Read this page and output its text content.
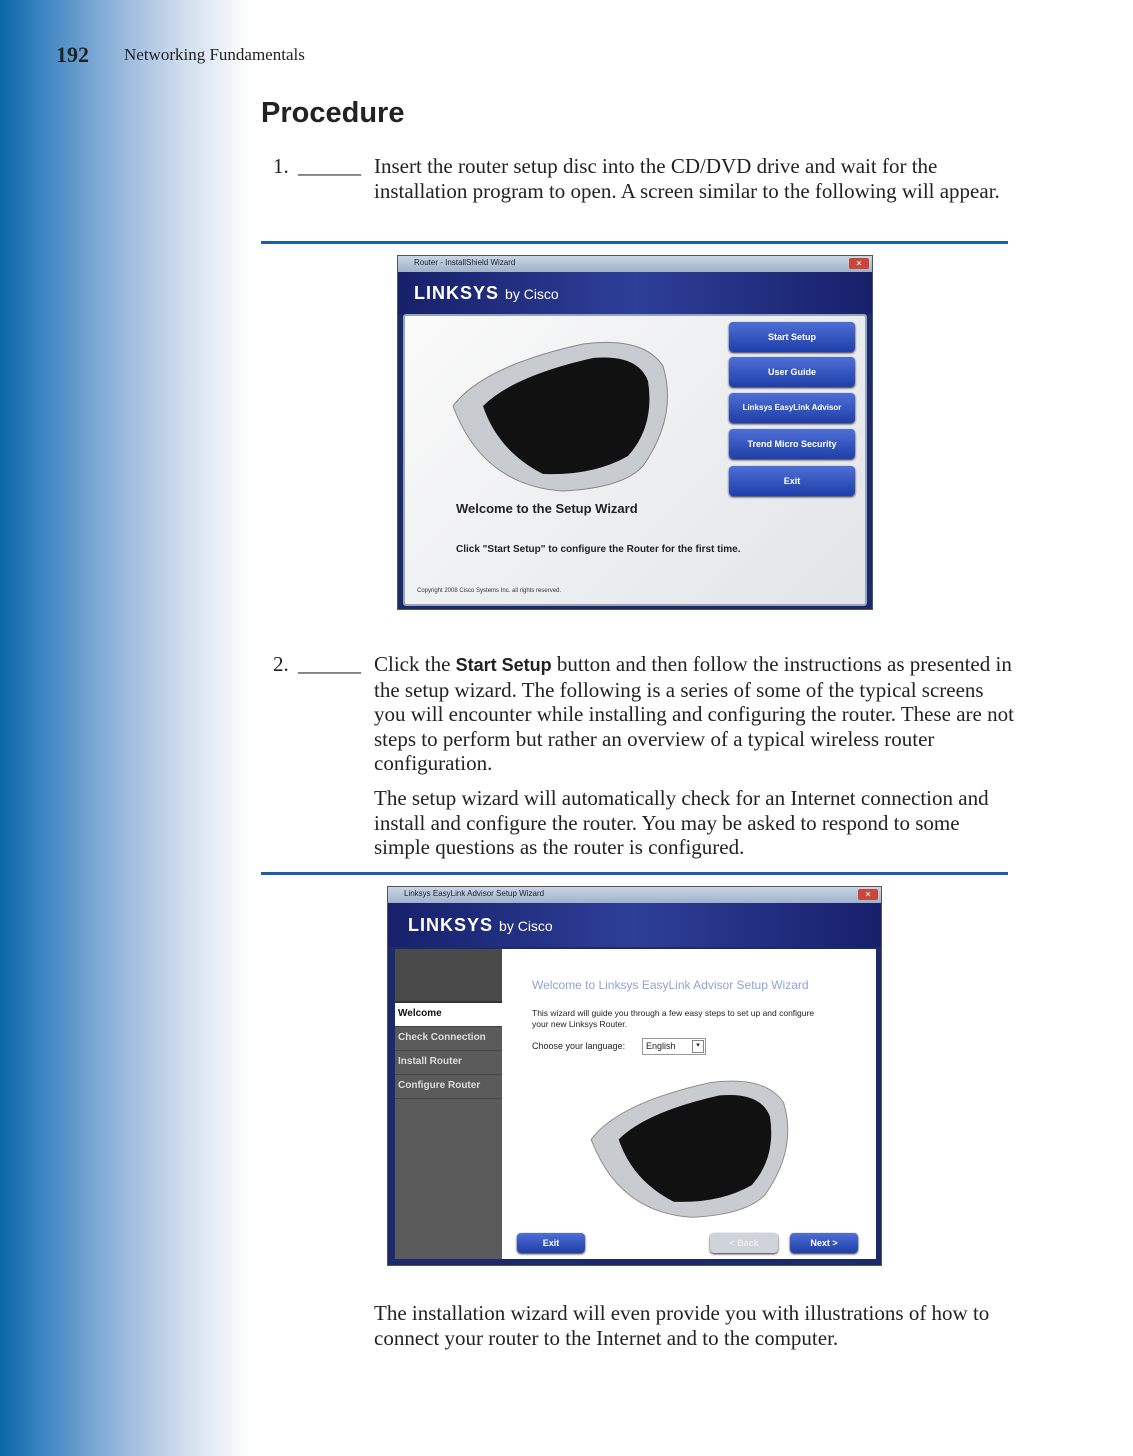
192 Networking Fundamentals
Procedure
1. ______ Insert the router setup disc into the CD/DVD drive and wait for the installation program to open. A screen similar to the following will appear.
Router - InstallShield Wizard	✕
LINKSYS by Cisco
Start Setup
User Guide
Linksys EasyLink Advisor
Trend Micro Security
Exit
Welcome to the Setup Wizard
Click "Start Setup" to configure the Router for the first time.
Copyright 2008 Cisco Systems Inc. all rights reserved.
2. ______ Click the Start Setup button and then follow the instructions as presented in the setup wizard. The following is a series of some of the typical screens you will encounter while installing and configuring the router. These are not steps to perform but rather an overview of a typical wireless router configuration.
The setup wizard will automatically check for an Internet connection and install and configure the router. You may be asked to respond to some simple questions as the router is configured.
Linksys EasyLink Advisor Setup Wizard	✕
LINKSYS by Cisco
Welcome
Check Connection
Install Router
Configure Router
Welcome to Linksys EasyLink Advisor Setup Wizard
This wizard will guide you through a few easy steps to set up and configure your new Linksys Router.
Choose your language:	English	▾
Exit	< Back	Next >
The installation wizard will even provide you with illustrations of how to connect your router to the Internet and to the computer.
